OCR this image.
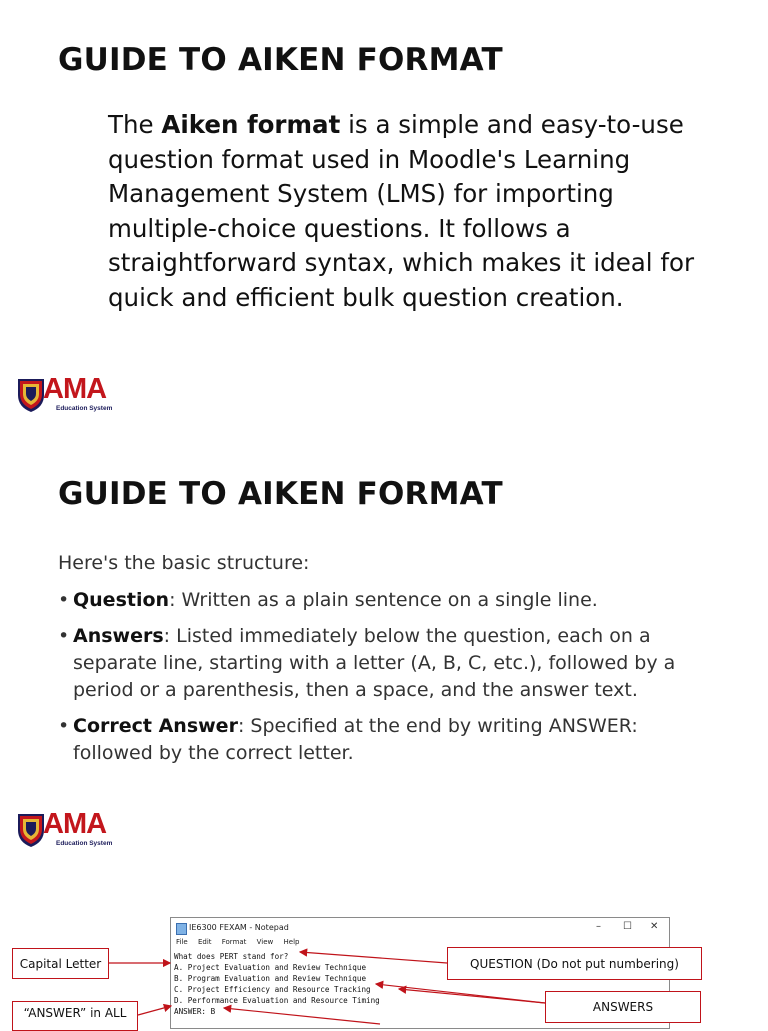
GUIDE TO AIKEN FORMAT

The Aiken format is a simple and easy-to-use question format used in Moodle's Learning Management System (LMS) for importing multiple-choice questions. It follows a straightforward syntax, which makes it ideal for quick and efficient bulk question creation.

AMA
Education System
GUIDE TO AIKEN FORMAT
Here's the basic structure:
• Question: Written as a plain sentence on a single line.
• Answers: Listed immediately below the question, each on a separate line, starting with a letter (A, B, C, etc.), followed by a period or a parenthesis, then a space, and the answer text.
• Correct Answer: Specified at the end by writing ANSWER: followed by the correct letter.
AMA
Education System
IE6300 FEXAM - Notepad	– ☐ ✕
File Edit Format View Help
What does PERT stand for?
A. Project Evaluation and Review Technique
B. Program Evaluation and Review Technique
C. Project Efficiency and Resource Tracking
D. Performance Evaluation and Resource Timing
ANSWER: B
Capital Letter	QUESTION (Do not put numbering)
ANSWERS
“ANSWER” in ALL
